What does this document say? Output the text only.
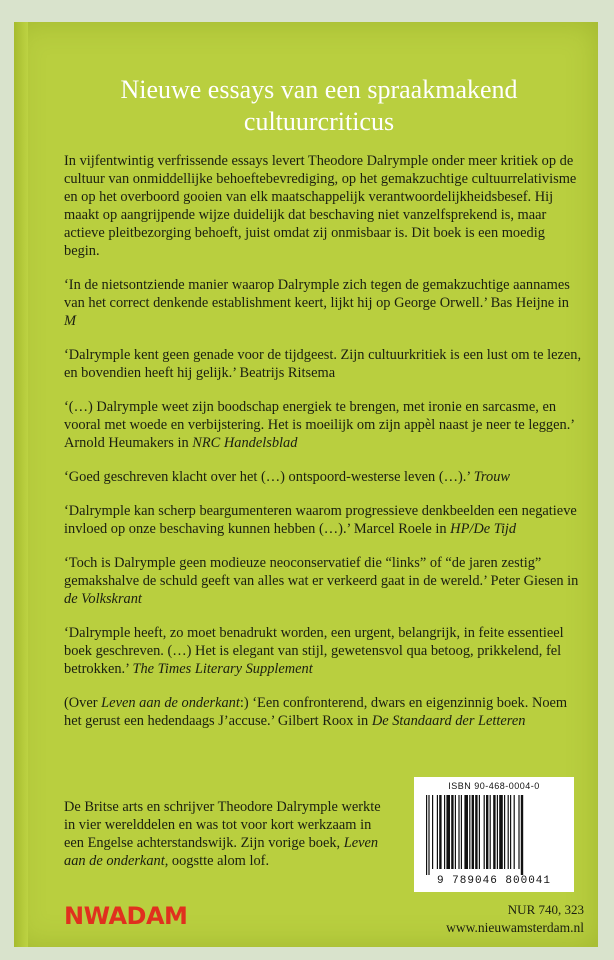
Nieuwe essays van een spraakmakend
cultuurcriticus

In vijfentwintig verfrissende essays levert Theodore Dalrymple onder meer kritiek op de cultuur van onmiddellijke behoeftebevrediging, op het gemakzuchtige cultuurrelativisme en op het overboord gooien van elk maatschappelijk verantwoordelijkheidsbesef. Hij maakt op aangrijpende wijze duidelijk dat beschaving niet vanzelfsprekend is, maar actieve pleitbezorging behoeft, juist omdat zij onmisbaar is. Dit boek is een moedig begin.

‘In de nietsontziende manier waarop Dalrymple zich tegen de gemakzuchtige aannames van het correct denkende establishment keert, lijkt hij op George Orwell.’ Bas Heijne in M

‘Dalrymple kent geen genade voor de tijdgeest. Zijn cultuurkritiek is een lust om te lezen, en bovendien heeft hij gelijk.’ Beatrijs Ritsema

‘(…) Dalrymple weet zijn boodschap energiek te brengen, met ironie en sarcasme, en vooral met woede en verbijstering. Het is moeilijk om zijn appèl naast je neer te leggen.’ Arnold Heumakers in NRC Handelsblad

‘Goed geschreven klacht over het (…) ontspoord-westerse leven (…).’ Trouw

‘Dalrymple kan scherp beargumenteren waarom progressieve denkbeelden een negatieve invloed op onze beschaving kunnen hebben (…).’ Marcel Roele in HP/De Tijd

‘Toch is Dalrymple geen modieuze neoconservatief die “links” of “de jaren zestig” gemakshalve de schuld geeft van alles wat er verkeerd gaat in de wereld.’ Peter Giesen in de Volkskrant

‘Dalrymple heeft, zo moet benadrukt worden, een urgent, belangrijk, in feite essentieel boek geschreven. (…) Het is elegant van stijl, gewetensvol qua betoog, prikkelend, fel betrokken.’ The Times Literary Supplement

(Over Leven aan de onderkant:) ‘Een confronterend, dwars en eigenzinnig boek. Noem het gerust een hedendaags J’accuse.’ Gilbert Roox in De Standaard der Letteren

De Britse arts en schrijver Theodore Dalrymple werkte in vier werelddelen en was tot voor kort werkzaam in een Engelse achterstandswijk. Zijn vorige boek, Leven aan de onderkant, oogstte alom lof.
ISBN 90-468-0004-0
9 789046 800041
NWADAM	NUR 740, 323
www.nieuwamsterdam.nl
